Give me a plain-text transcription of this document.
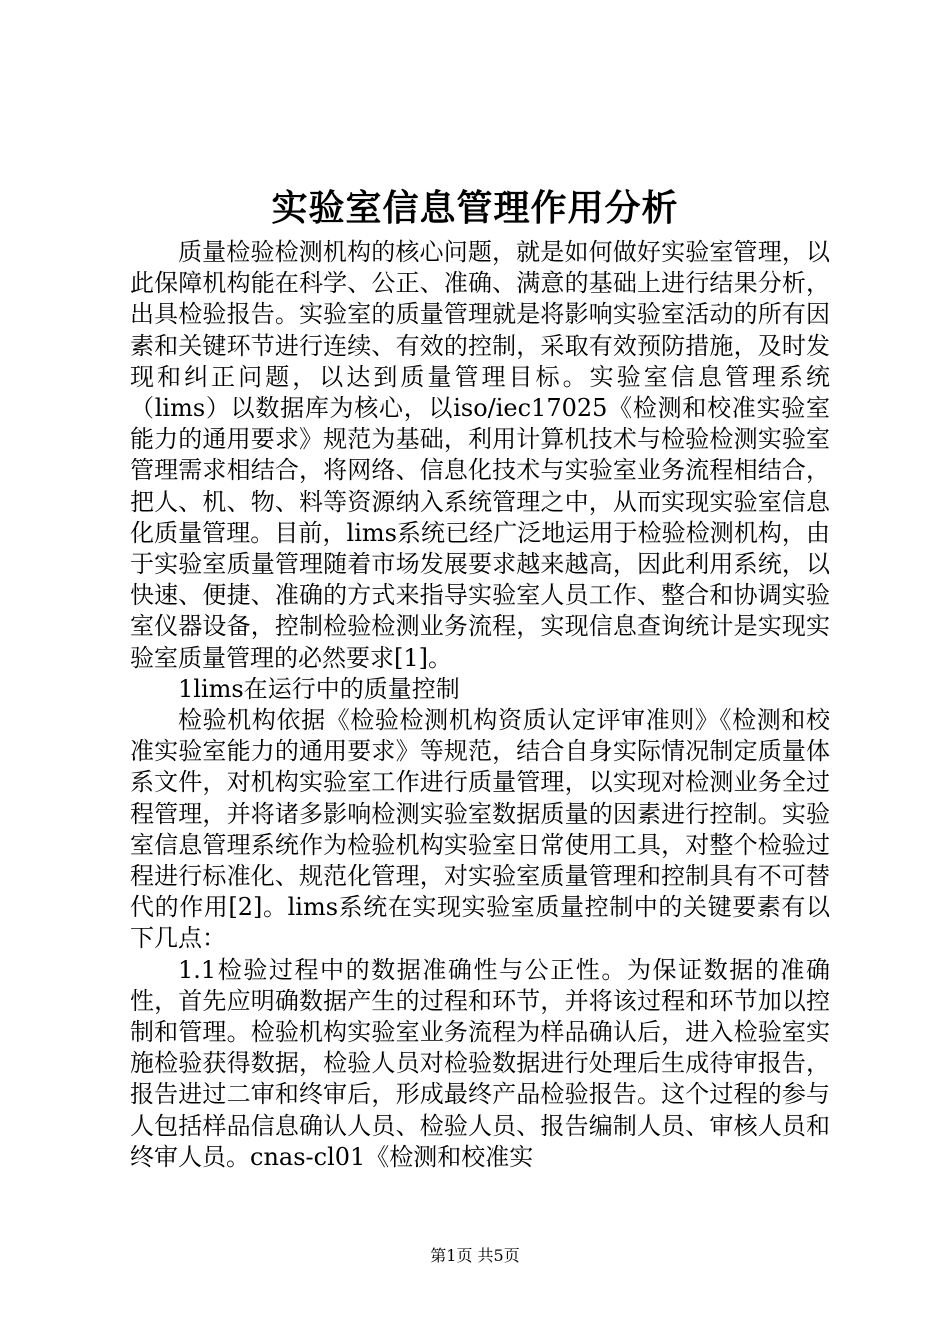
实验室信息管理作用分析

质量检验检测机构的核心问题，就是如何做好实验室管理，以此保障机构能在科学、公正、准确、满意的基础上进行结果分析，出具检验报告。实验室的质量管理就是将影响实验室活动的所有因素和关键环节进行连续、有效的控制，采取有效预防措施，及时发现和纠正问题，以达到质量管理目标。实验室信息管理系统（lims）以数据库为核心，以iso/iec17025《检测和校准实验室能力的通用要求》规范为基础，利用计算机技术与检验检测实验室管理需求相结合，将网络、信息化技术与实验室业务流程相结合，把人、机、物、料等资源纳入系统管理之中，从而实现实验室信息化质量管理。目前，lims系统已经广泛地运用于检验检测机构，由于实验室质量管理随着市场发展要求越来越高，因此利用系统，以快速、便捷、准确的方式来指导实验室人员工作、整合和协调实验室仪器设备，控制检验检测业务流程，实现信息查询统计是实现实验室质量管理的必然要求[1]。

1lims在运行中的质量控制

检验机构依据《检验检测机构资质认定评审准则》《检测和校准实验室能力的通用要求》等规范，结合自身实际情况制定质量体系文件，对机构实验室工作进行质量管理，以实现对检测业务全过程管理，并将诸多影响检测实验室数据质量的因素进行控制。实验室信息管理系统作为检验机构实验室日常使用工具，对整个检验过程进行标准化、规范化管理，对实验室质量管理和控制具有不可替代的作用[2]。lims系统在实现实验室质量控制中的关键要素有以下几点：

1.1检验过程中的数据准确性与公正性。为保证数据的准确性，首先应明确数据产生的过程和环节，并将该过程和环节加以控制和管理。检验机构实验室业务流程为样品确认后，进入检验室实施检验获得数据，检验人员对检验数据进行处理后生成待审报告，报告进过二审和终审后，形成最终产品检验报告。这个过程的参与人包括样品信息确认人员、检验人员、报告编制人员、审核人员和终审人员。cnas-cl01《检测和校准实

第1页 共5页
